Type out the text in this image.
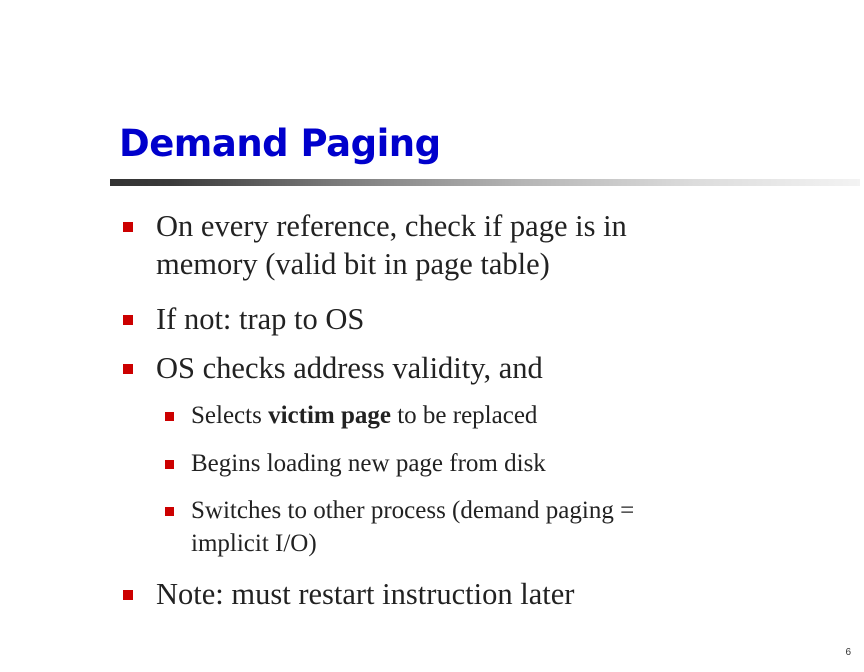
Demand Paging
On every reference, check if page is in
memory (valid bit in page table)
If not: trap to OS
OS checks address validity, and
Selects victim page to be replaced
Begins loading new page from disk
Switches to other process (demand paging =
implicit I/O)
Note: must restart instruction later
6
